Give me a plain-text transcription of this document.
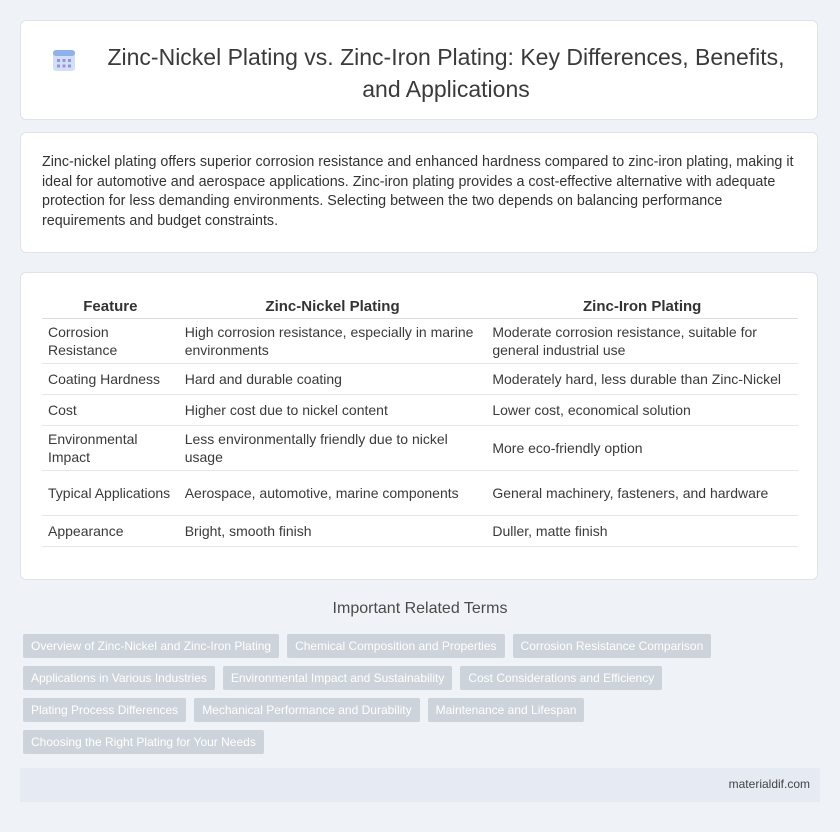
Zinc-Nickel Plating vs. Zinc-Iron Plating: Key Differences, Benefits, and Applications

Zinc-nickel plating offers superior corrosion resistance and enhanced hardness compared to zinc-iron plating, making it ideal for automotive and aerospace applications. Zinc-iron plating provides a cost-effective alternative with adequate protection for less demanding environments. Selecting between the two depends on balancing performance requirements and budget constraints.

Feature	Zinc-Nickel Plating	Zinc-Iron Plating
Corrosion Resistance	High corrosion resistance, especially in marine environments	Moderate corrosion resistance, suitable for general industrial use
Coating Hardness	Hard and durable coating	Moderately hard, less durable than Zinc-Nickel
Cost	Higher cost due to nickel content	Lower cost, economical solution
Environmental Impact	Less environmentally friendly due to nickel usage	More eco-friendly option
Typical Applications	Aerospace, automotive, marine components	General machinery, fasteners, and hardware
Appearance	Bright, smooth finish	Duller, matte finish
Important Related Terms
Overview of Zinc-Nickel and Zinc-Iron Plating	Chemical Composition and Properties	Corrosion Resistance Comparison
Applications in Various Industries	Environmental Impact and Sustainability	Cost Considerations and Efficiency
Plating Process Differences	Mechanical Performance and Durability	Maintenance and Lifespan
Choosing the Right Plating for Your Needs
materialdif.com
